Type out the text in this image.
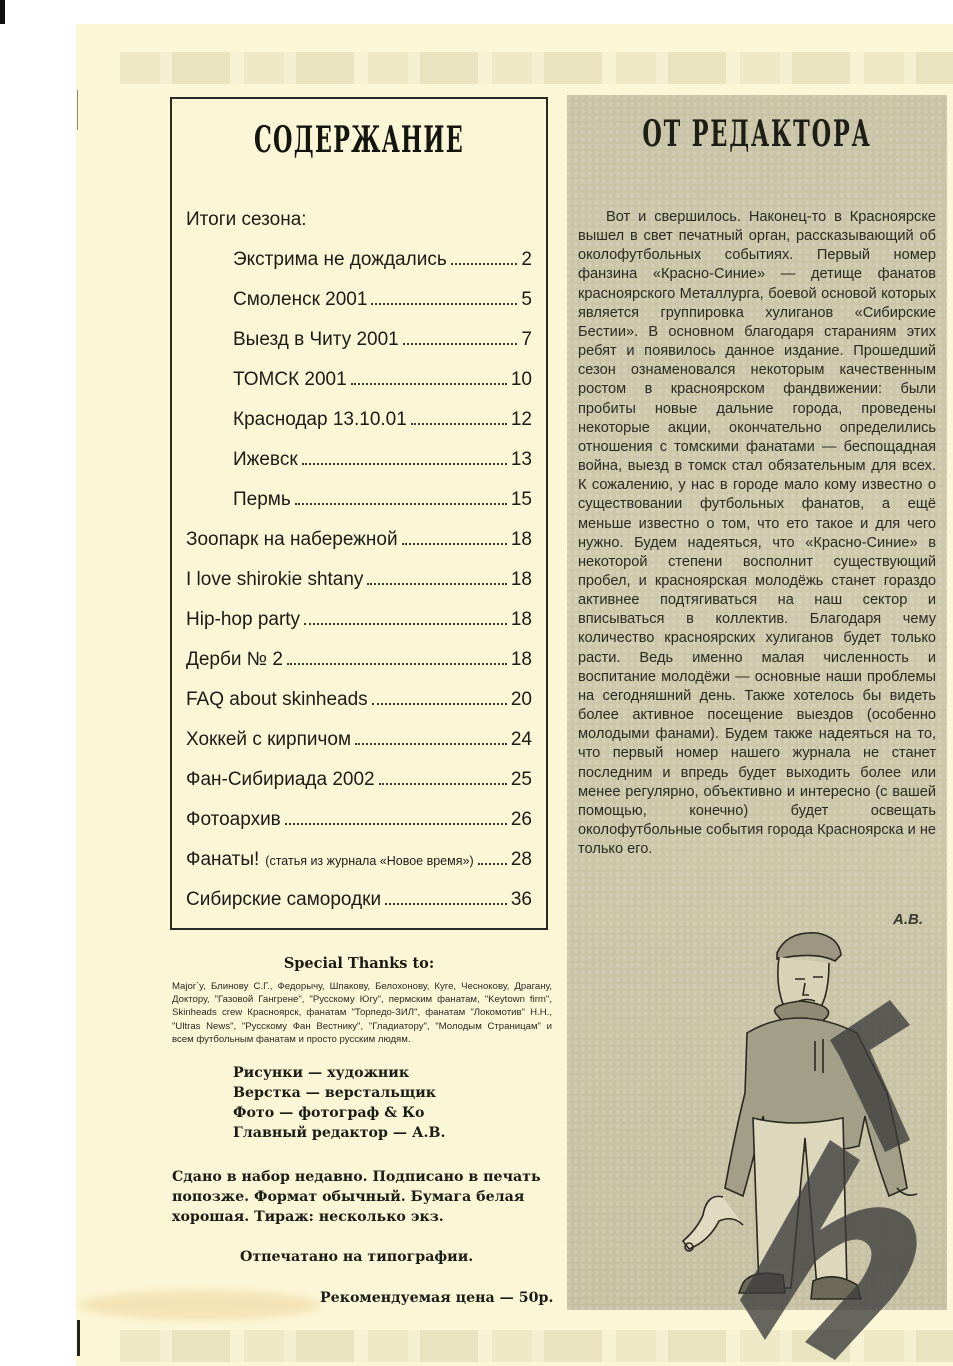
СОДЕРЖАНИЕ
Итоги сезона:
Экстрима не дождались	2
Смоленск 2001	5
Выезд в Читу 2001	7
ТОМСК 2001	10
Краснодар 13.10.01	12
Ижевск	13
Пермь	15
Зоопарк на набережной	18
I love shirokie shtany	18
Hip-hop party	18
Дерби № 2	18
FAQ about skinheads	20
Хоккей с кирпичом	24
Фан-Сибириада 2002	25
Фотоархив	26
Фанаты! (статья из журнала «Новое время») 28
Сибирские самородки	36
Special Thanks to:
Major`y, Блинову С.Г., Федорычу, Шпакову, Белохонову, Куге, Чеснокову, Драгану, Доктору, "Газовой Гангрене", "Русскому Югу", пермским фанатам, "Keytown firm", Skinheads crew Красноярск, фанатам "Торпедо-ЗИЛ", фанатам "Локомотив" Н.Н., "Ultras News", "Русскому Фан Вестнику", "Гладиатору", "Молодым Страницам" и всем футбольным фанатам и просто русским людям.
Рисунки — художник
Верстка — верстальщик
Фото — фотограф & Ко
Главный редактор — А.В.
Сдано в набор недавно. Подписано в печать попозже. Формат обычный. Бумага белая хорошая. Тираж: несколько экз.
Отпечатано на типографии.
Рекомендуемая цена — 50р.
ОТ РЕДАКТОРА
Вот и свершилось. Наконец-то в Красноярске вышел в свет печатный орган, рассказывающий об околофутбольных событиях. Первый номер фанзина «Красно-Синие» — детище фанатов красноярского Металлурга, боевой основой которых является группировка хулиганов «Сибирские Бестии». В основном благодаря стараниям этих ребят и появилось данное издание. Прошедший сезон ознаменовался некоторым качественным ростом в красноярском фандвижении: были пробиты новые дальние города, проведены некоторые акции, окончательно определились отношения с томскими фанатами — беспощадная война, выезд в томск стал обязательным для всех. К сожалению, у нас в городе мало кому известно о существовании футбольных фанатов, а ещё меньше известно о том, что ето такое и для чего нужно. Будем надеяться, что «Красно-Синие» в некоторой степени восполнит существующий пробел, и красноярская молодёжь станет гораздо активнее подтягиваться на наш сектор и вписываться в коллектив. Благодаря чему количество красноярских хулиганов будет только расти. Ведь именно малая численность и воспитание молодёжи — основные наши проблемы на сегодняшний день. Также хотелось бы видеть более активное посещение выездов (особенно молодыми фанами). Будем также надеяться на то, что первый номер нашего журнала не станет последним и впредь будет выходить более или менее регулярно, объективно и интересно (с вашей помощью, конечно) будет освещать околофутбольные события города Красноярска и не только его.
А.В.
